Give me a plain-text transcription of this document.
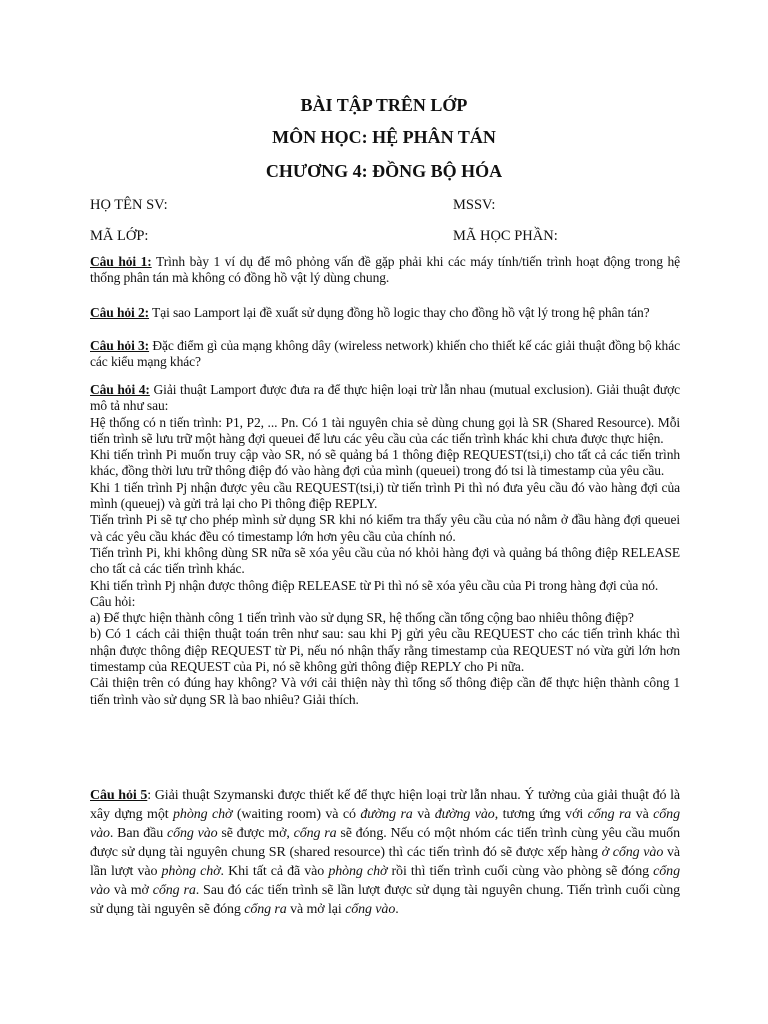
BÀI TẬP TRÊN LỚP
MÔN HỌC: HỆ PHÂN TÁN
CHƯƠNG 4: ĐỒNG BỘ HÓA
HỌ TÊN SV:	MSSV:
MÃ LỚP:	MÃ HỌC PHẦN:

Câu hỏi 1: Trình bày 1 ví dụ để mô phỏng vấn đề gặp phải khi các máy tính/tiến trình hoạt động trong hệ thống phân tán mà không có đồng hồ vật lý dùng chung.

Câu hỏi 2: Tại sao Lamport lại đề xuất sử dụng đồng hồ logic thay cho đồng hồ vật lý trong hệ phân tán?

Câu hỏi 3: Đặc điểm gì của mạng không dây (wireless network) khiến cho thiết kế các giải thuật đồng bộ khác các kiểu mạng khác?

Câu hỏi 4: Giải thuật Lamport được đưa ra để thực hiện loại trừ lẫn nhau (mutual exclusion). Giải thuật được mô tả như sau:

Hệ thống có n tiến trình: P1, P2, ... Pn. Có 1 tài nguyên chia sẻ dùng chung gọi là SR (Shared Resource). Mỗi tiến trình sẽ lưu trữ một hàng đợi queuei để lưu các yêu cầu của các tiến trình khác khi chưa được thực hiện.

Khi tiến trình Pi muốn truy cập vào SR, nó sẽ quảng bá 1 thông điệp REQUEST(tsi,i) cho tất cả các tiến trình khác, đồng thời lưu trữ thông điệp đó vào hàng đợi của mình (queuei) trong đó tsi là timestamp của yêu cầu.

Khi 1 tiến trình Pj nhận được yêu cầu REQUEST(tsi,i) từ tiến trình Pi thì nó đưa yêu cầu đó vào hàng đợi của mình (queuej) và gửi trả lại cho Pi thông điệp REPLY.

Tiến trình Pi sẽ tự cho phép mình sử dụng SR khi nó kiểm tra thấy yêu cầu của nó nằm ở đầu hàng đợi queuei và các yêu cầu khác đều có timestamp lớn hơn yêu cầu của chính nó.

Tiến trình Pi, khi không dùng SR nữa sẽ xóa yêu cầu của nó khỏi hàng đợi và quảng bá thông điệp RELEASE cho tất cả các tiến trình khác.

Khi tiến trình Pj nhận được thông điệp RELEASE từ Pi thì nó sẽ xóa yêu cầu của Pi trong hàng đợi của nó.

Câu hỏi:

a) Để thực hiện thành công 1 tiến trình vào sử dụng SR, hệ thống cần tổng cộng bao nhiêu thông điệp?

b) Có 1 cách cải thiện thuật toán trên như sau: sau khi Pj gửi yêu cầu REQUEST cho các tiến trình khác thì nhận được thông điệp REQUEST từ Pi, nếu nó nhận thấy rằng timestamp của REQUEST nó vừa gửi lớn hơn timestamp của REQUEST của Pi, nó sẽ không gửi thông điệp REPLY cho Pi nữa.

Cải thiện trên có đúng hay không? Và với cải thiện này thì tổng số thông điệp cần để thực hiện thành công 1 tiến trình vào sử dụng SR là bao nhiêu? Giải thích.

Câu hỏi 5: Giải thuật Szymanski được thiết kế để thực hiện loại trừ lẫn nhau. Ý tưởng của giải thuật đó là xây dựng một phòng chờ (waiting room) và có đường ra và đường vào, tương ứng với cổng ra và cổng vào. Ban đầu cổng vào sẽ được mở, cổng ra sẽ đóng. Nếu có một nhóm các tiến trình cùng yêu cầu muốn được sử dụng tài nguyên chung SR (shared resource) thì các tiến trình đó sẽ được xếp hàng ở cổng vào và lần lượt vào phòng chờ. Khi tất cả đã vào phòng chờ rồi thì tiến trình cuối cùng vào phòng sẽ đóng cổng vào và mở cổng ra. Sau đó các tiến trình sẽ lần lượt được sử dụng tài nguyên chung. Tiến trình cuối cùng sử dụng tài nguyên sẽ đóng cổng ra và mở lại cổng vào.
